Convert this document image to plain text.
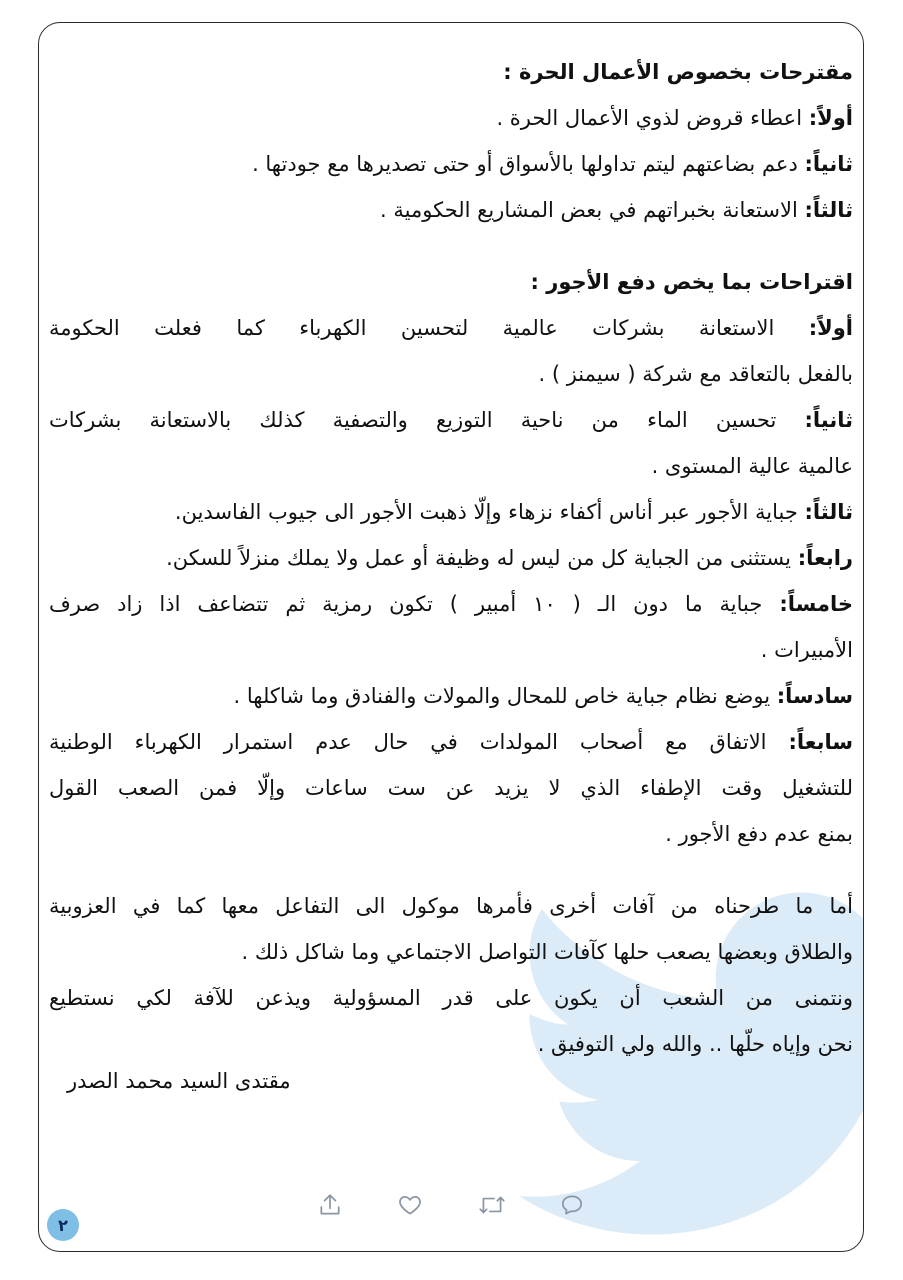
مقترحات بخصوص الأعمال الحرة :
أولاً: اعطاء قروض لذوي الأعمال الحرة .
ثانياً: دعم بضاعتهم ليتم تداولها بالأسواق أو حتى تصديرها مع جودتها .
ثالثاً: الاستعانة بخبراتهم في بعض المشاريع الحكومية .
اقتراحات بما يخص دفع الأجور :
أولاً: الاستعانة بشركات عالمية لتحسين الكهرباء كما فعلت الحكومة
بالفعل بالتعاقد مع شركة ( سيمنز ) .
ثانياً: تحسين الماء من ناحية التوزيع والتصفية كذلك بالاستعانة بشركات
عالمية عالية المستوى .
ثالثاً: جباية الأجور عبر أناس أكفاء نزهاء وإلّا ذهبت الأجور الى جيوب الفاسدين.
رابعاً: يستثنى من الجباية كل من ليس له وظيفة أو عمل ولا يملك منزلاً للسكن.
خامساً: جباية ما دون الـ ( ١٠ أمبير ) تكون رمزية ثم تتضاعف اذا زاد صرف
الأمبيرات .
سادساً: يوضع نظام جباية خاص للمحال والمولات والفنادق وما شاكلها .
سابعاً: الاتفاق مع أصحاب المولدات في حال عدم استمرار الكهرباء الوطنية
للتشغيل وقت الإطفاء الذي لا يزيد عن ست ساعات وإلّا فمن الصعب القول
بمنع عدم دفع الأجور .
أما ما طرحناه من آفات أخرى فأمرها موكول الى التفاعل معها كما في العزوبية
والطلاق وبعضها يصعب حلها كآفات التواصل الاجتماعي وما شاكل ذلك .
ونتمنى من الشعب أن يكون على قدر المسؤولية ويذعن للآفة لكي نستطيع
نحن وإياه حلّها .. والله ولي التوفيق .
مقتدى السيد محمد الصدر
٢
